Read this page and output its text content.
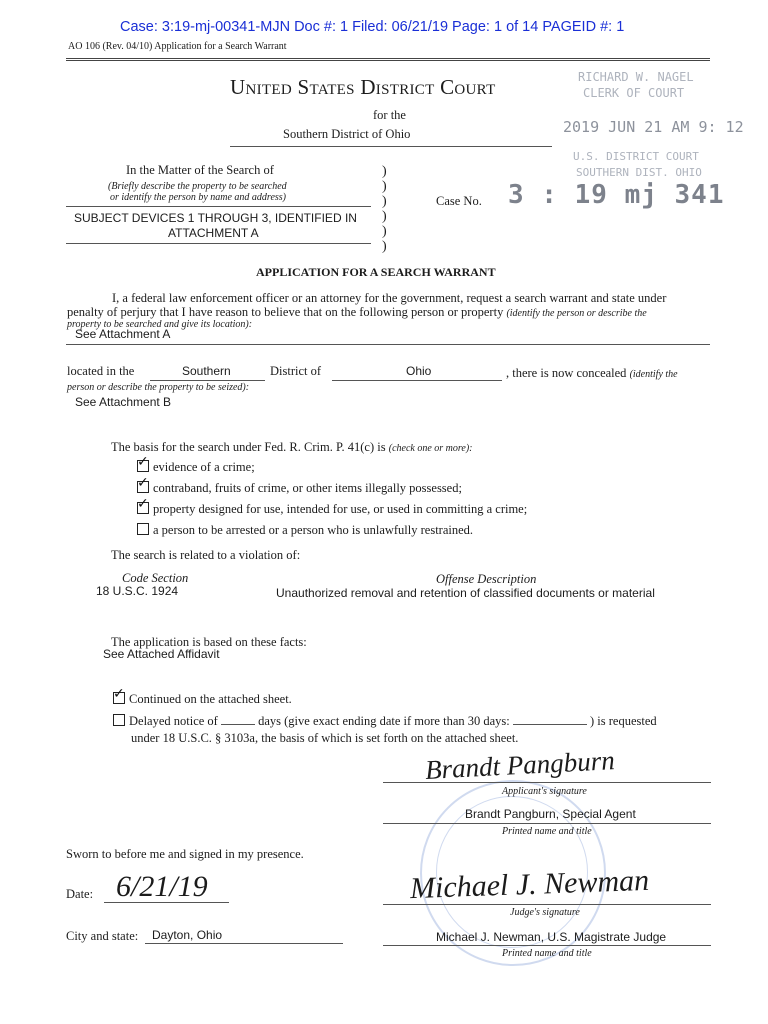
Case: 3:19-mj-00341-MJN Doc #: 1 Filed: 06/21/19 Page: 1 of 14 PAGEID #: 1
AO 106 (Rev. 04/10) Application for a Search Warrant
RICHARD W. NAGEL
CLERK OF COURT
2019 JUN 21 AM 9: 12
U.S. DISTRICT COURT
SOUTHERN DIST. OHIO
United States District Court
for the
Southern District of Ohio
In the Matter of the Search of
(Briefly describe the property to be searched
or identify the person by name and address)
SUBJECT DEVICES 1 THROUGH 3, IDENTIFIED IN
ATTACHMENT A
)
)
)
)
)
)
Case No. 3 : 19 mj 341
APPLICATION FOR A SEARCH WARRANT
I, a federal law enforcement officer or an attorney for the government, request a search warrant and state under
penalty of perjury that I have reason to believe that on the following person or property (identify the person or describe the
property to be searched and give its location):
See Attachment A
located in the	Southern	District of	Ohio	, there is now concealed (identify the
person or describe the property to be seized):
See Attachment B
The basis for the search under Fed. R. Crim. P. 41(c) is (check one or more):
✓evidence of a crime;
✓contraband, fruits of crime, or other items illegally possessed;
✓property designed for use, intended for use, or used in committing a crime;
a person to be arrested or a person who is unlawfully restrained.
The search is related to a violation of:
Code Section	Offense Description
18 U.S.C. 1924	Unauthorized removal and retention of classified documents or material
The application is based on these facts:
See Attached Affidavit
✓Continued on the attached sheet.
Delayed notice of	days (give exact ending date if more than 30 days:	) is requested
under 18 U.S.C. § 3103a, the basis of which is set forth on the attached sheet.
Brandt Pangburn
Applicant's signature
Brandt Pangburn, Special Agent
Printed name and title
Sworn to before me and signed in my presence.
Date: 6/21/19
City and state: Dayton, Ohio
Michael J. Newman
Judge's signature
Michael J. Newman, U.S. Magistrate Judge
Printed name and title
